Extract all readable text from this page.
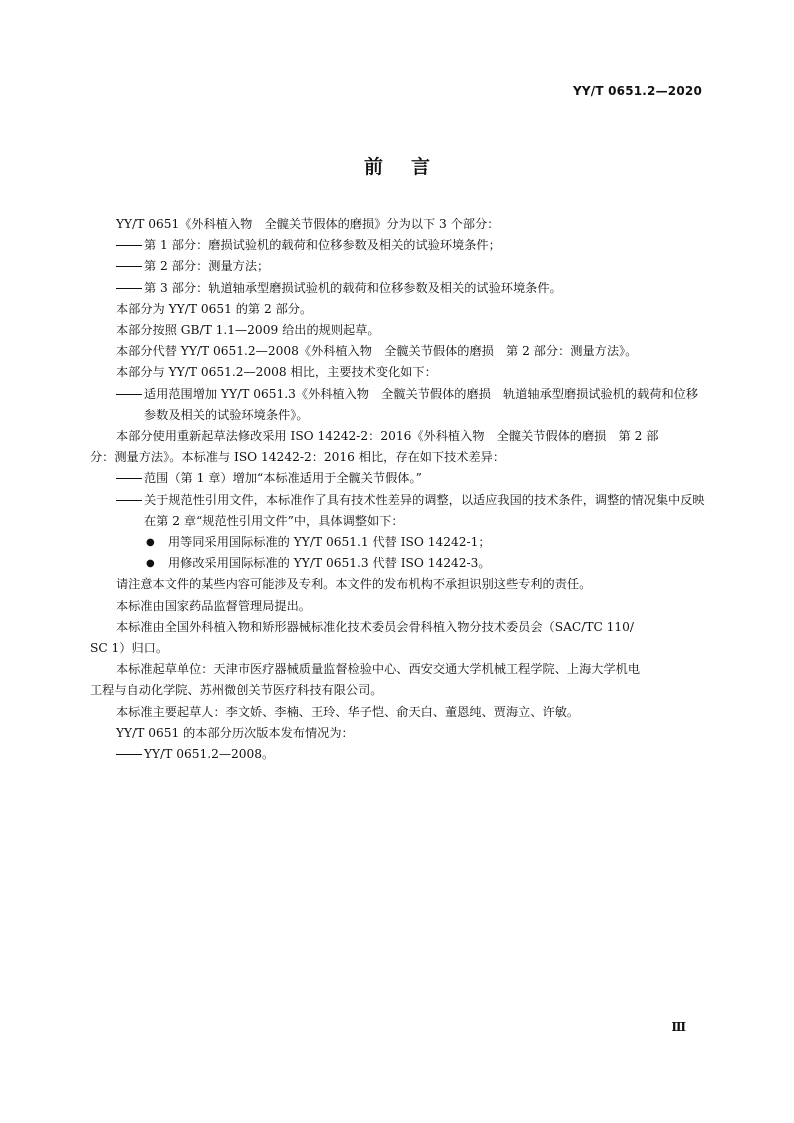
YY/T 0651.2—2020
前言

YY/T 0651《外科植入物　全髋关节假体的磨损》分为以下 3 个部分：

第 1 部分：磨损试验机的载荷和位移参数及相关的试验环境条件；
第 2 部分：测量方法；
第 3 部分：轨道轴承型磨损试验机的载荷和位移参数及相关的试验环境条件。

本部分为 YY/T 0651 的第 2 部分。

本部分按照 GB/T 1.1—2009 给出的规则起草。

本部分代替 YY/T 0651.2—2008《外科植入物　全髋关节假体的磨损　第 2 部分：测量方法》。

本部分与 YY/T 0651.2—2008 相比，主要技术变化如下：

适用范围增加 YY/T 0651.3《外科植入物　全髋关节假体的磨损　轨道轴承型磨损试验机的载荷和位移参数及相关的试验环境条件》。

本部分使用重新起草法修改采用 ISO 14242-2：2016《外科植入物　全髋关节假体的磨损　第 2 部

分：测量方法》。本标准与 ISO 14242-2：2016 相比，存在如下技术差异：

范围（第 1 章）增加“本标准适用于全髋关节假体。”
关于规范性引用文件，本标准作了具有技术性差异的调整，以适应我国的技术条件，调整的情况集中反映在第 2 章“规范性引用文件”中，具体调整如下：
●	用等同采用国际标准的 YY/T 0651.1 代替 ISO 14242-1；
●	用修改采用国际标准的 YY/T 0651.3 代替 ISO 14242-3。

请注意本文件的某些内容可能涉及专利。本文件的发布机构不承担识别这些专利的责任。

本标准由国家药品监督管理局提出。

本标准由全国外科植入物和矫形器械标准化技术委员会骨科植入物分技术委员会（SAC/TC 110/

SC 1）归口。

本标准起草单位：天津市医疗器械质量监督检验中心、西安交通大学机械工程学院、上海大学机电

工程与自动化学院、苏州微创关节医疗科技有限公司。

本标准主要起草人：李文娇、李楠、王玲、华子恺、俞天白、董恩纯、贾海立、许敏。

YY/T 0651 的本部分历次版本发布情况为：

YY/T 0651.2—2008。
Ⅲ
